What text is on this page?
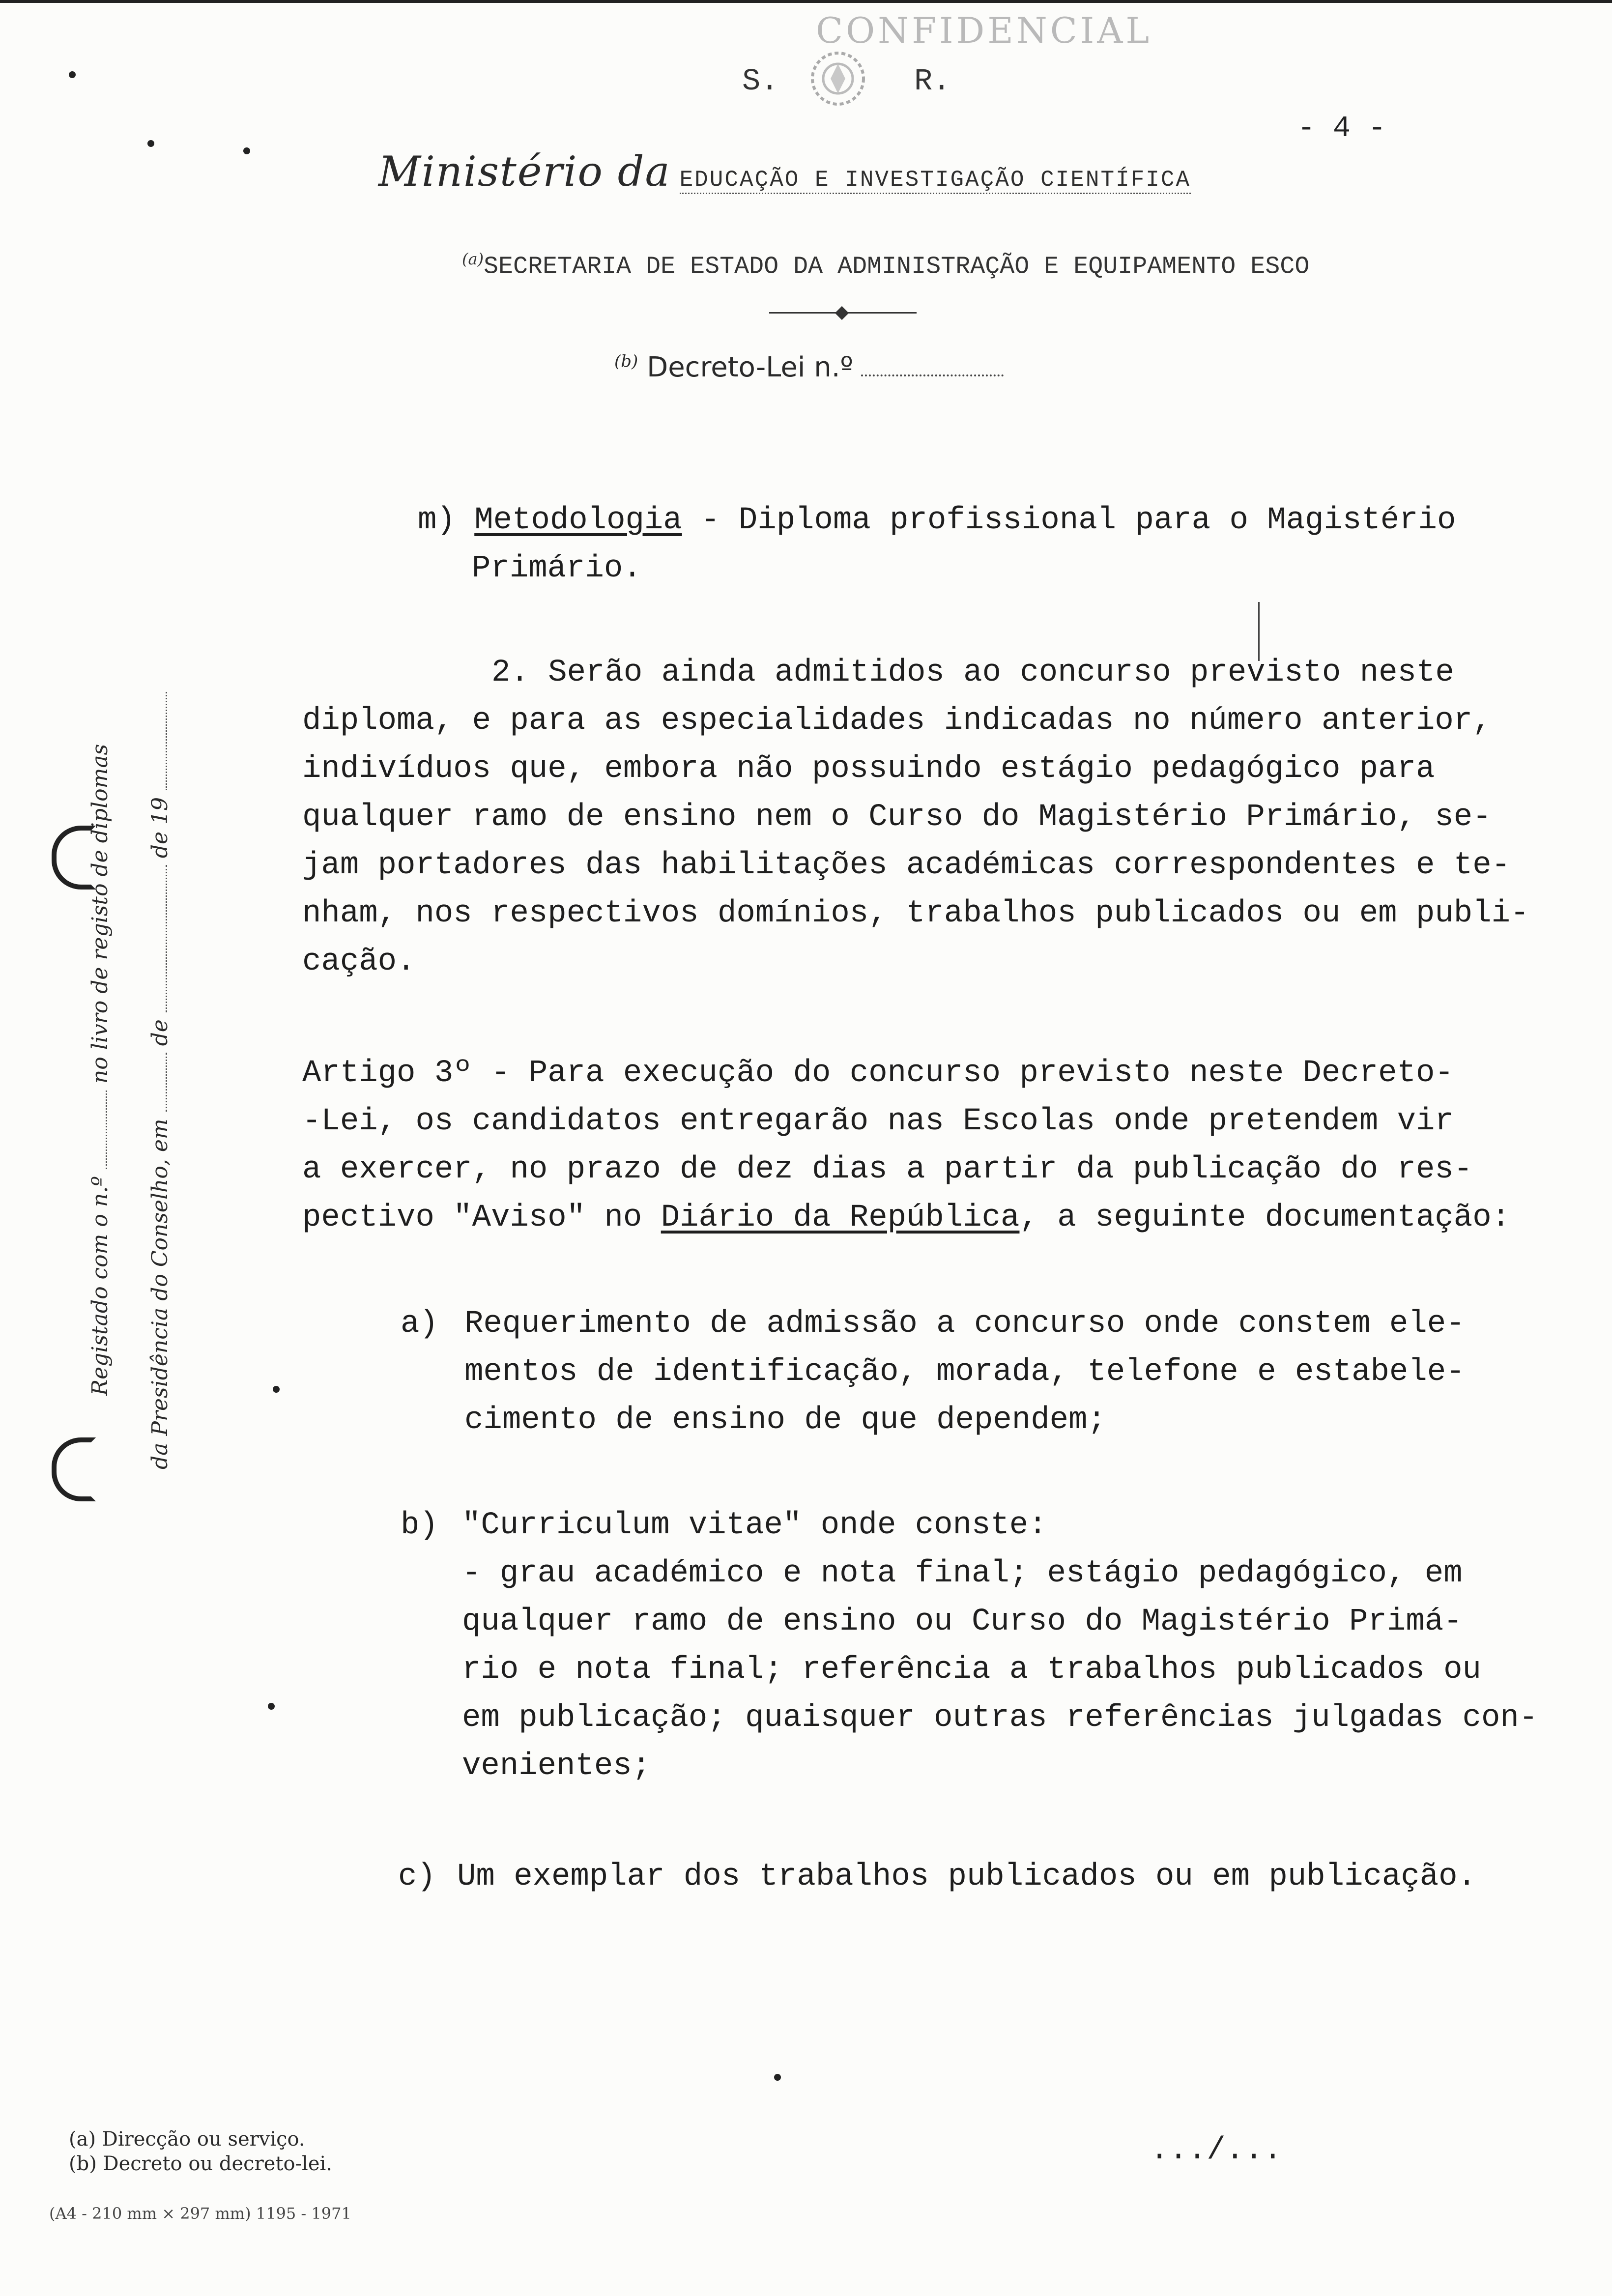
CONFIDENCIAL
S.	R.
- 4 -
Ministério da EDUCAÇÃO E INVESTIGAÇÃO CIENTÍFICA
$^{(a)}$SECRETARIA DE ESTADO DA ADMINISTRAÇÃO E EQUIPAMENTO ESCO
$^{(b)}$ Decreto-Lei n.º
m) Metodologia - Diploma profissional para o Magistério
Primário.
2. Serão ainda admitidos ao concurso previsto neste
diploma, e para as especialidades indicadas no número anterior,
indivíduos que, embora não possuindo estágio pedagógico para
qualquer ramo de ensino nem o Curso do Magistério Primário, se-
jam portadores das habilitações académicas correspondentes e te-
nham, nos respectivos domínios, trabalhos publicados ou em publi-
cação.
Artigo 3º - Para execução do concurso previsto neste Decreto-
-Lei, os candidatos entregarão nas Escolas onde pretendem vir
a exercer, no prazo de dez dias a partir da publicação do res-
pectivo "Aviso" no Diário da República, a seguinte documentação:
a) Requerimento de admissão a concurso onde constem ele-
mentos de identificação, morada, telefone e estabele-
cimento de ensino de que dependem;
b) "Curriculum vitae" onde conste:
- grau académico e nota final; estágio pedagógico, em
qualquer ramo de ensino ou Curso do Magistério Primá-
rio e nota final; referência a trabalhos publicados ou
em publicação; quaisquer outras referências julgadas con-
venientes;
c) Um exemplar dos trabalhos publicados ou em publicação.
Registado com o n.º  no livro de registo de diplomas
da Presidência do Conselho, em  de  de 19
(a) Direcção ou serviço.
(b) Decreto ou decreto-lei.
(A4 - 210 mm × 297 mm) 1195 - 1971
.../...
